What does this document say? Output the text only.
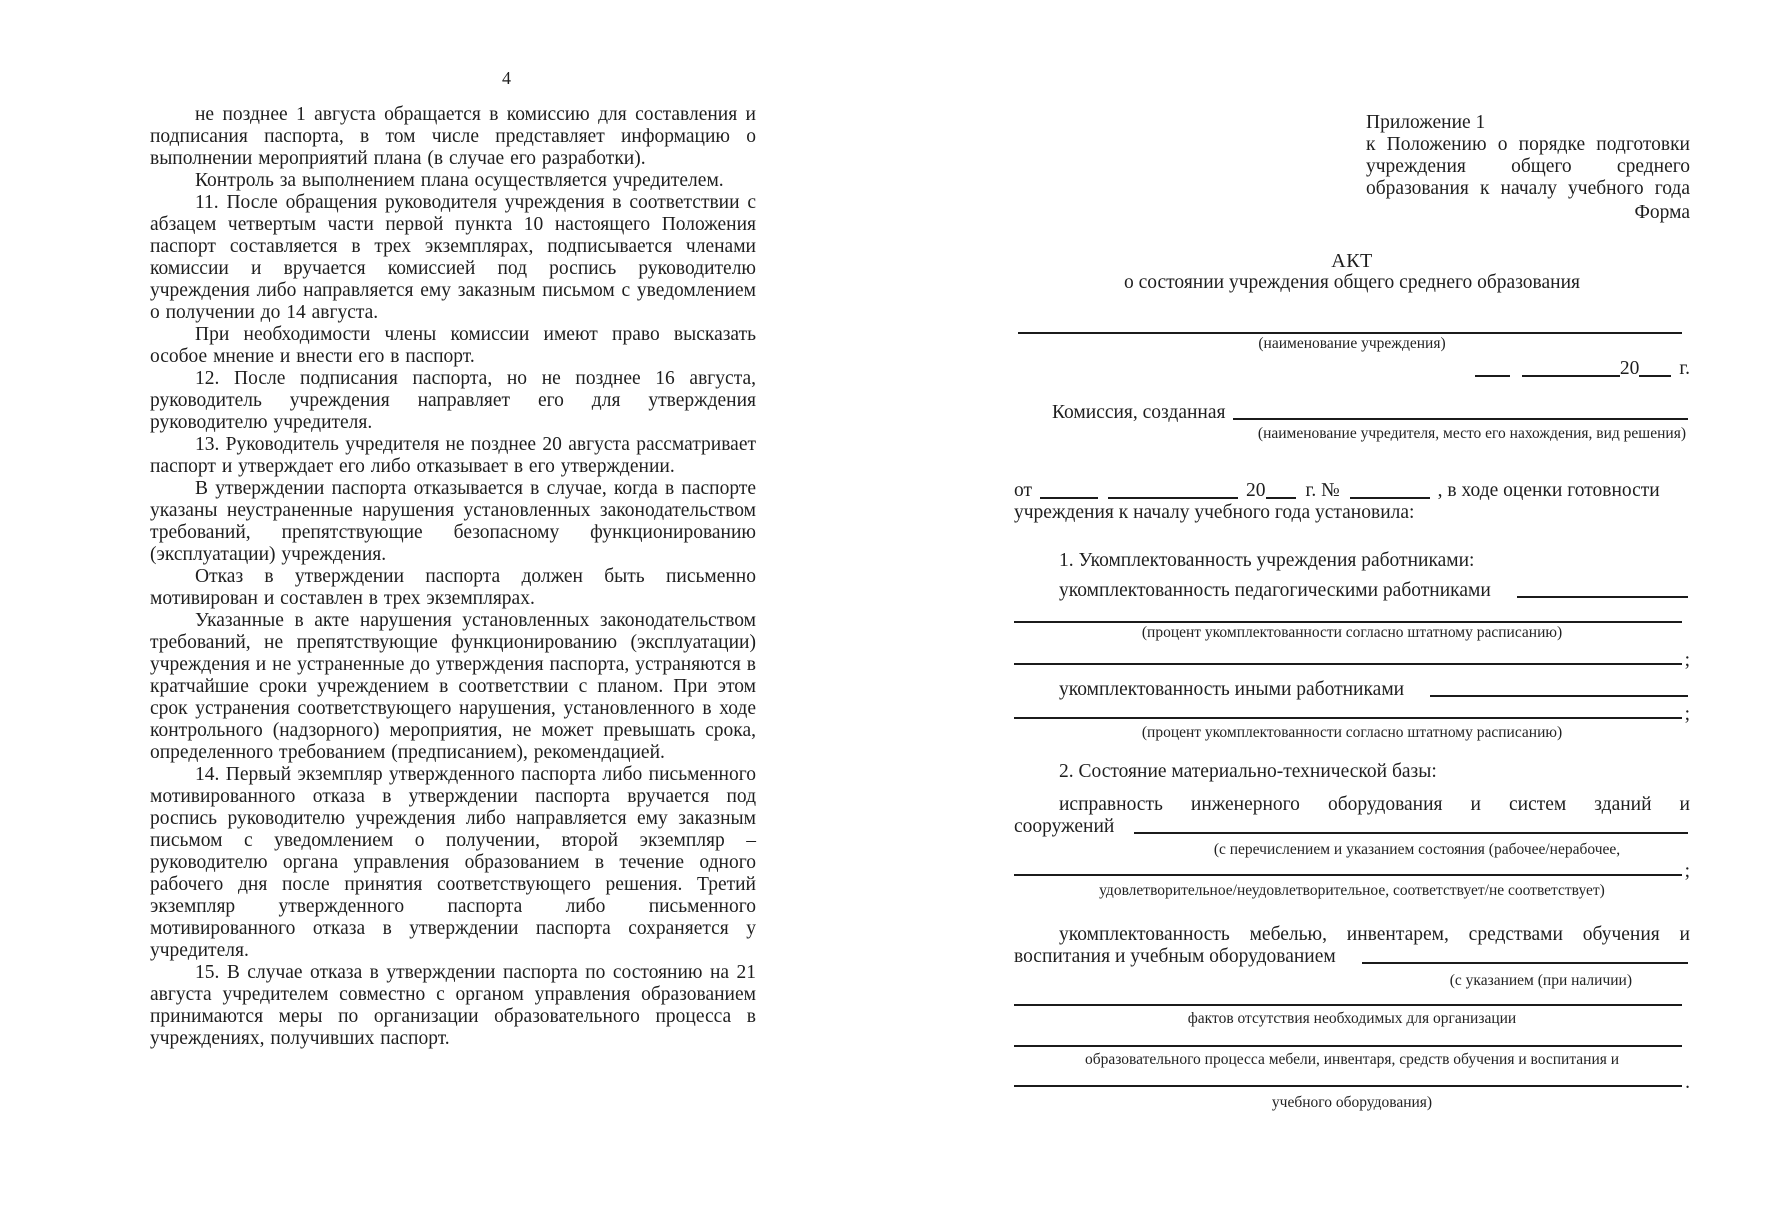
4

не позднее 1 августа обращается в комиссию для составления и подписания паспорта, в том числе представляет информацию о выполнении мероприятий плана (в случае его разработки).

Контроль за выполнением плана осуществляется учредителем.

11. После обращения руководителя учреждения в соответствии с абзацем четвертым части первой пункта 10 настоящего Положения паспорт составляется в трех экземплярах, подписывается членами комиссии и вручается комиссией под роспись руководителю учреждения либо направляется ему заказным письмом с уведомлением о получении до 14 августа.

При необходимости члены комиссии имеют право высказать особое мнение и внести его в паспорт.

12. После подписания паспорта, но не позднее 16 августа, руководитель учреждения направляет его для утверждения руководителю учредителя.

13. Руководитель учредителя не позднее 20 августа рассматривает паспорт и утверждает его либо отказывает в его утверждении.

В утверждении паспорта отказывается в случае, когда в паспорте указаны неустраненные нарушения установленных законодательством требований, препятствующие безопасному функционированию (эксплуатации) учреждения.

Отказ в утверждении паспорта должен быть письменно мотивирован и составлен в трех экземплярах.

Указанные в акте нарушения установленных законодательством требований, не препятствующие функционированию (эксплуатации) учреждения и не устраненные до утверждения паспорта, устраняются в кратчайшие сроки учреждением в соответствии с планом. При этом срок устранения соответствующего нарушения, установленного в ходе контрольного (надзорного) мероприятия, не может превышать срока, определенного требованием (предписанием), рекомендацией.

14. Первый экземпляр утвержденного паспорта либо письменного мотивированного отказа в утверждении паспорта вручается под роспись руководителю учреждения либо направляется ему заказным письмом с уведомлением о получении, второй экземпляр – руководителю органа управления образованием в течение одного рабочего дня после принятия соответствующего решения. Третий экземпляр утвержденного паспорта либо письменного мотивированного отказа в утверждении паспорта сохраняется у учредителя.

15. В случае отказа в утверждении паспорта по состоянию на 21 августа учредителем совместно с органом управления образованием принимаются меры по организации образовательного процесса в учреждениях, получивших паспорт.

Приложение 1
к Положению о порядке подготовки
учреждения общего среднего
образования к началу учебного года
Форма
АКТ
о состоянии учреждения общего среднего образования
(наименование учреждения)
20 г.
Комиссия, созданная
(наименование учредителя, место его нахождения, вид решения)
от	20 г. №	, в ходе оценки готовности
учреждения к началу учебного года установила:
1. Укомплектованность учреждения работниками:
укомплектованность педагогическими работниками
(процент укомплектованности согласно штатному расписанию)
;
укомплектованность иными работниками
;
(процент укомплектованности согласно штатному расписанию)
2. Состояние материально-технической базы:
исправность инженерного оборудования и систем зданий и
сооружений
(с перечислением и указанием состояния (рабочее/нерабочее,
;
удовлетворительное/неудовлетворительное, соответствует/не соответствует)
укомплектованность мебелью, инвентарем, средствами обучения и
воспитания и учебным оборудованием
(с указанием (при наличии)
фактов отсутствия необходимых для организации
образовательного процесса мебели, инвентаря, средств обучения и воспитания и
.
учебного оборудования)
